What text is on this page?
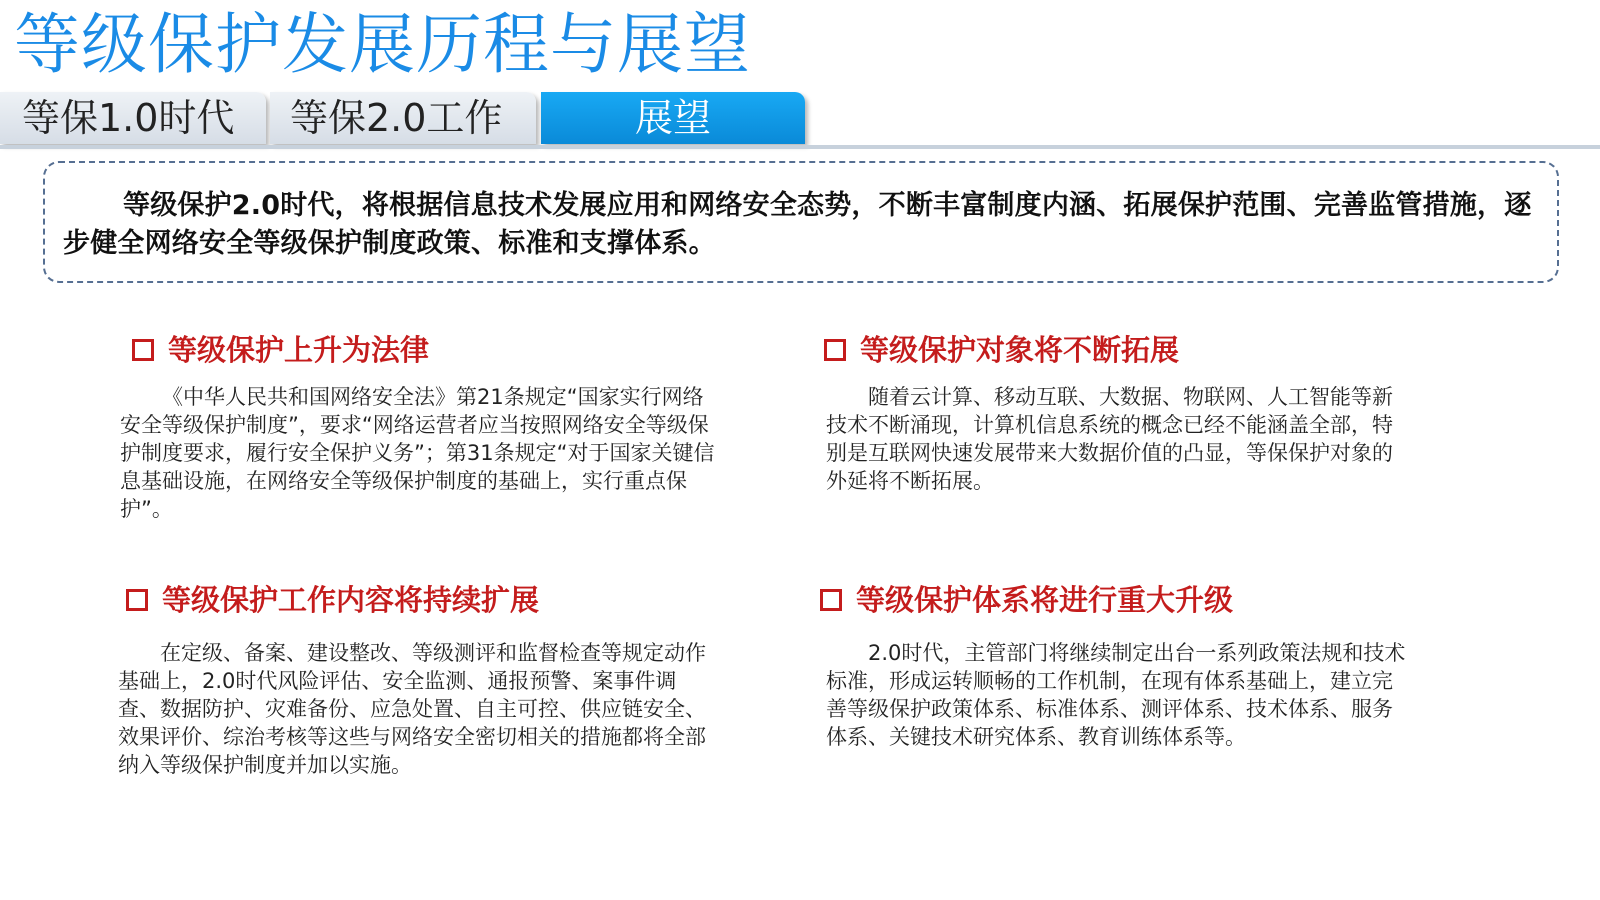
等级保护发展历程与展望
等保1.0时代	等保2.0工作	展望
等级保护2.0时代，将根据信息技术发展应用和网络安全态势，不断丰富制度内涵、拓展保护范围、完善监管措施，逐步健全网络安全等级保护制度政策、标准和支撑体系。
等级保护上升为法律
《中华人民共和国网络安全法》第21条规定“国家实行网络安全等级保护制度”，要求“网络运营者应当按照网络安全等级保护制度要求，履行安全保护义务”；第31条规定“对于国家关键信息基础设施，在网络安全等级保护制度的基础上，实行重点保护”。
等级保护对象将不断拓展
随着云计算、移动互联、大数据、物联网、人工智能等新技术不断涌现，计算机信息系统的概念已经不能涵盖全部，特别是互联网快速发展带来大数据价值的凸显，等保保护对象的外延将不断拓展。
等级保护工作内容将持续扩展
在定级、备案、建设整改、等级测评和监督检查等规定动作基础上，2.0时代风险评估、安全监测、通报预警、案事件调查、数据防护、灾难备份、应急处置、自主可控、供应链安全、效果评价、综治考核等这些与网络安全密切相关的措施都将全部纳入等级保护制度并加以实施。
等级保护体系将进行重大升级
2.0时代，主管部门将继续制定出台一系列政策法规和技术标准，形成运转顺畅的工作机制，在现有体系基础上，建立完善等级保护政策体系、标准体系、测评体系、技术体系、服务体系、关键技术研究体系、教育训练体系等。
